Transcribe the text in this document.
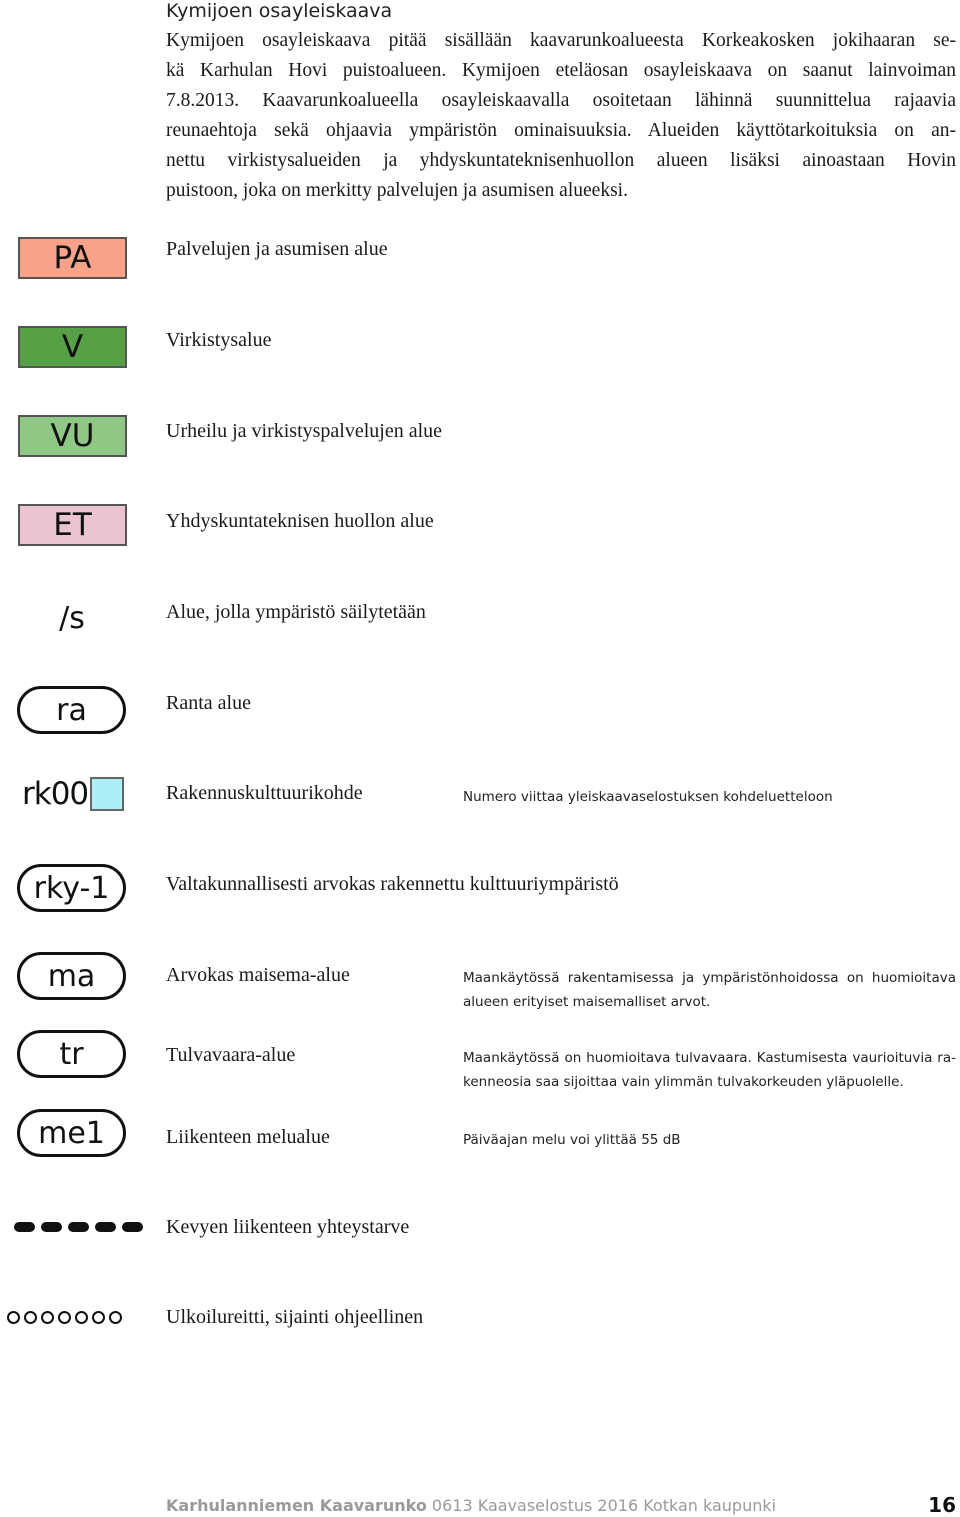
Kymijoen osayleiskaava
Kymijoen osayleiskaava pitää sisällään kaavarunkoalueesta Korkeakosken jokihaaran se-
kä Karhulan Hovi puistoalueen. Kymijoen eteläosan osayleiskaava on saanut lainvoiman
7.8.2013. Kaavarunkoalueella osayleiskaavalla osoitetaan lähinnä suunnittelua rajaavia
reunaehtoja sekä ohjaavia ympäristön ominaisuuksia. Alueiden käyttötarkoituksia on an-
nettu virkistysalueiden ja yhdyskuntateknisenhuollon alueen lisäksi ainoastaan Hovin
puistoon, joka on merkitty palvelujen ja asumisen alueeksi.
PA	Palvelujen ja asumisen alue
V	Virkistysalue
VU	Urheilu ja virkistyspalvelujen alue
ET	Yhdyskuntateknisen huollon alue
/s	Alue, jolla ympäristö säilytetään
ra	Ranta alue
rk00	Rakennuskulttuurikohde	Numero viittaa yleiskaavaselostuksen kohdeluetteloon
rky-1	Valtakunnallisesti arvokas rakennettu kulttuuriympäristö
ma	Arvokas maisema-alue	Maankäytössä rakentamisessa ja ympäristönhoidossa on huomioitava
alueen erityiset maisemalliset arvot.
tr	Tulvavaara-alue	Maankäytössä on huomioitava tulvavaara. Kastumisesta vaurioituvia ra-
kenneosia saa sijoittaa vain ylimmän tulvakorkeuden yläpuolelle.
me1	Liikenteen melualue	Päiväajan melu voi ylittää 55 dB
Kevyen liikenteen yhteystarve
Ulkoilureitti, sijainti ohjeellinen
Karhulanniemen Kaavarunko 0613 Kaavaselostus 2016 Kotkan kaupunki	16
